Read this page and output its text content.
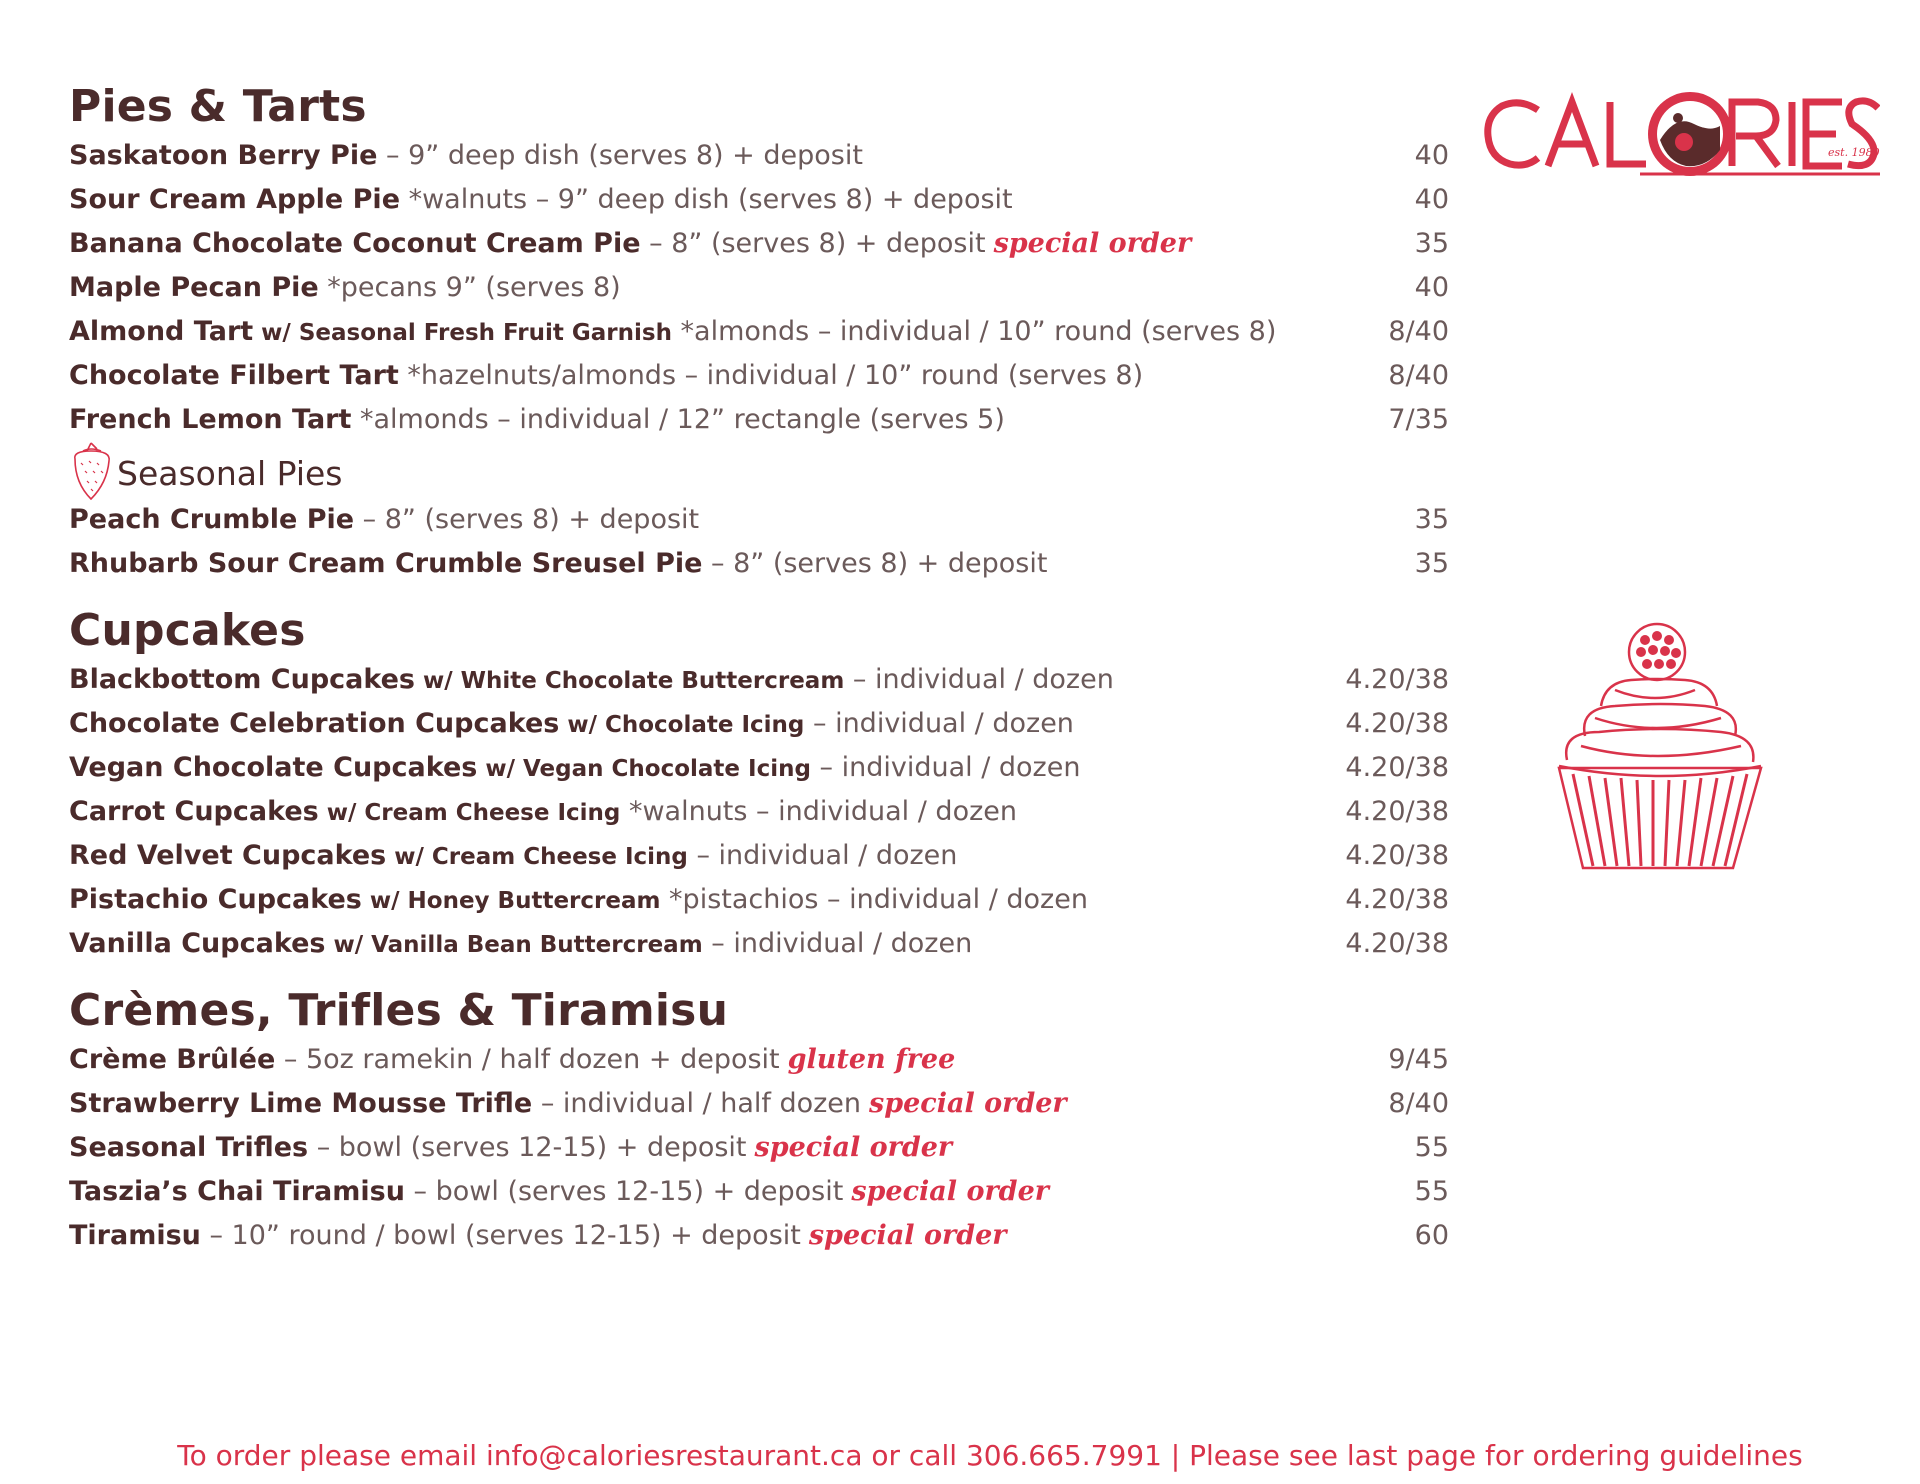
est. 1980
Pies & Tarts
Saskatoon Berry Pie – 9” deep dish (serves 8) + deposit	40
Sour Cream Apple Pie *walnuts – 9” deep dish (serves 8) + deposit	40
Banana Chocolate Coconut Cream Pie – 8” (serves 8) + deposit special order	35
Maple Pecan Pie *pecans 9” (serves 8)	40
Almond Tart w/ Seasonal Fresh Fruit Garnish *almonds – individual / 10” round (serves 8)	8/40
Chocolate Filbert Tart *hazelnuts/almonds – individual / 10” round (serves 8)	8/40
French Lemon Tart *almonds – individual / 12” rectangle (serves 5)	7/35
Seasonal Pies
Peach Crumble Pie – 8” (serves 8) + deposit	35
Rhubarb Sour Cream Crumble Sreusel Pie – 8” (serves 8) + deposit	35
Cupcakes
Blackbottom Cupcakes w/ White Chocolate Buttercream – individual / dozen	4.20/38
Chocolate Celebration Cupcakes w/ Chocolate Icing – individual / dozen	4.20/38
Vegan Chocolate Cupcakes w/ Vegan Chocolate Icing – individual / dozen	4.20/38
Carrot Cupcakes w/ Cream Cheese Icing *walnuts – individual / dozen	4.20/38
Red Velvet Cupcakes w/ Cream Cheese Icing – individual / dozen	4.20/38
Pistachio Cupcakes w/ Honey Buttercream *pistachios – individual / dozen	4.20/38
Vanilla Cupcakes w/ Vanilla Bean Buttercream – individual / dozen	4.20/38
Crèmes, Trifles & Tiramisu
Crème Brûlée – 5oz ramekin / half dozen + deposit gluten free	9/45
Strawberry Lime Mousse Trifle – individual / half dozen special order	8/40
Seasonal Trifles – bowl (serves 12-15) + deposit special order	55
Taszia’s Chai Tiramisu – bowl (serves 12-15) + deposit special order	55
Tiramisu – 10” round / bowl (serves 12-15) + deposit special order	60
To order please email info@caloriesrestaurant.ca or call 306.665.7991 | Please see last page for ordering guidelines
